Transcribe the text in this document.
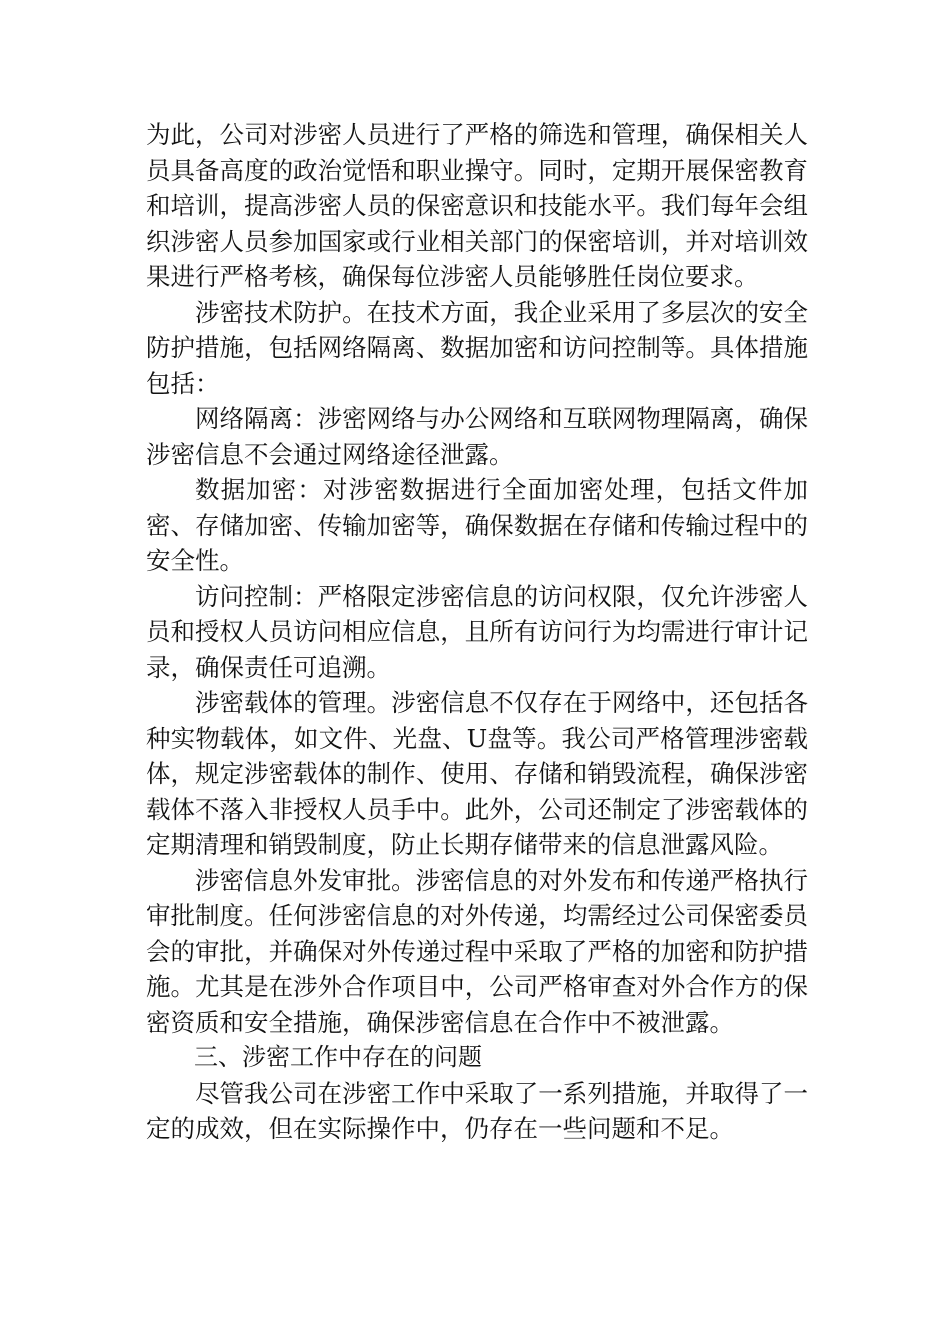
为此，公司对涉密人员进行了严格的筛选和管理，确保相关人员具备高度的政治觉悟和职业操守。同时，定期开展保密教育和培训，提高涉密人员的保密意识和技能水平。我们每年会组织涉密人员参加国家或行业相关部门的保密培训，并对培训效果进行严格考核，确保每位涉密人员能够胜任岗位要求。

涉密技术防护。在技术方面，我企业采用了多层次的安全防护措施，包括网络隔离、数据加密和访问控制等。具体措施包括：

网络隔离：涉密网络与办公网络和互联网物理隔离，确保涉密信息不会通过网络途径泄露。

数据加密：对涉密数据进行全面加密处理，包括文件加密、存储加密、传输加密等，确保数据在存储和传输过程中的安全性。

访问控制：严格限定涉密信息的访问权限，仅允许涉密人员和授权人员访问相应信息，且所有访问行为均需进行审计记录，确保责任可追溯。

涉密载体的管理。涉密信息不仅存在于网络中，还包括各种实物载体，如文件、光盘、U盘等。我公司严格管理涉密载体，规定涉密载体的制作、使用、存储和销毁流程，确保涉密载体不落入非授权人员手中。此外，公司还制定了涉密载体的定期清理和销毁制度，防止长期存储带来的信息泄露风险。

涉密信息外发审批。涉密信息的对外发布和传递严格执行审批制度。任何涉密信息的对外传递，均需经过公司保密委员会的审批，并确保对外传递过程中采取了严格的加密和防护措施。尤其是在涉外合作项目中，公司严格审查对外合作方的保密资质和安全措施，确保涉密信息在合作中不被泄露。

三、涉密工作中存在的问题

尽管我公司在涉密工作中采取了一系列措施，并取得了一定的成效，但在实际操作中，仍存在一些问题和不足。
